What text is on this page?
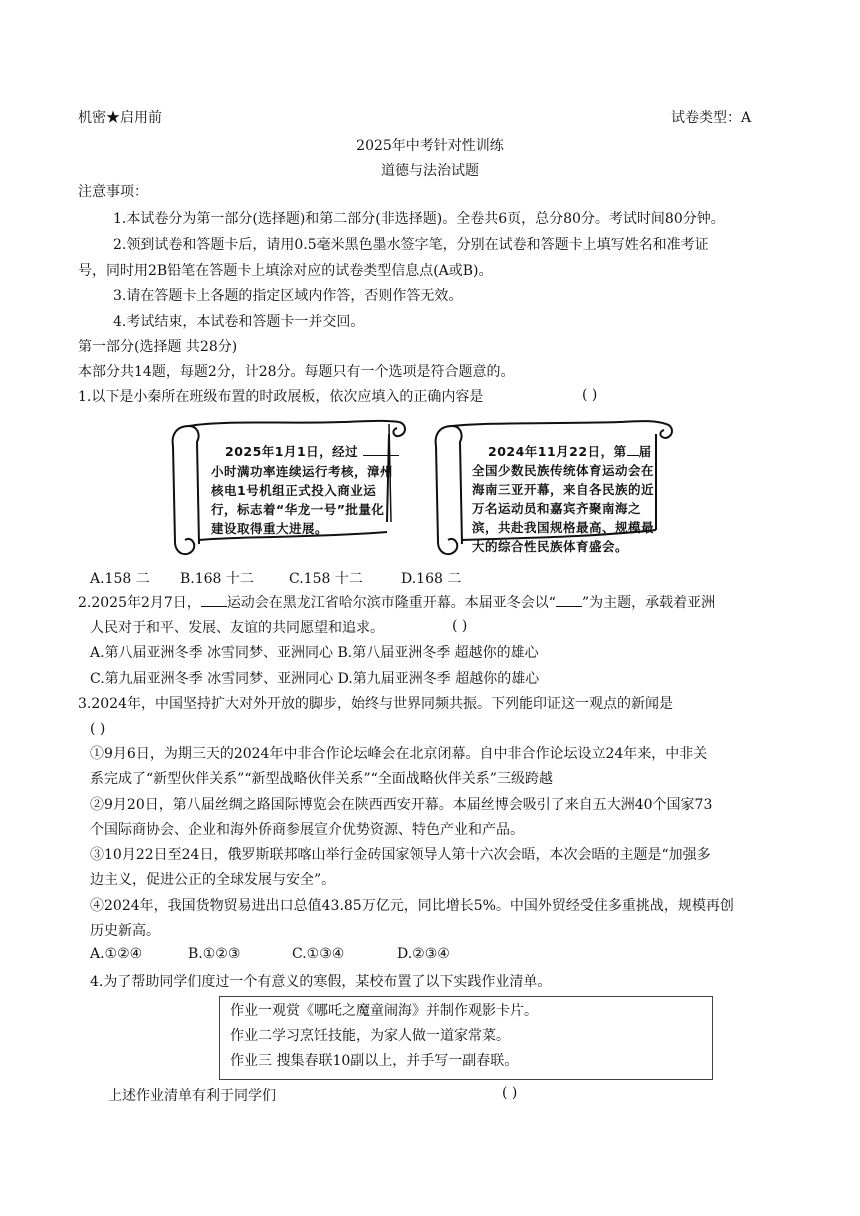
机密★启用前	试卷类型：A
2025年中考针对性训练
道德与法治试题
注意事项：
1.本试卷分为第一部分(选择题)和第二部分(非选择题)。全卷共6页，总分80分。考试时间80分钟。
2.领到试卷和答题卡后，请用0.5毫米黑色墨水签字笔，分别在试卷和答题卡上填写姓名和准考证
号，同时用2B铅笔在答题卡上填涂对应的试卷类型信息点(A或B)。
3.请在答题卡上各题的指定区域内作答，否则作答无效。
4.考试结束，本试卷和答题卡一并交回。
第一部分(选择题 共28分)
本部分共14题，每题2分，计28分。每题只有一个选项是符合题意的。
1.以下是小秦所在班级布置的时政展板，依次应填入的正确内容是	( )
2025年1月1日，经过
小时满功率连续运行考核，漳州
核电1号机组正式投入商业运
行，标志着“华龙一号”批量化
建设取得重大进展。
2024年11月22日，第 届
全国少数民族传统体育运动会在
海南三亚开幕，来自各民族的近
万名运动员和嘉宾齐聚南海之
滨，共赴我国规格最高、规模最
大的综合性民族体育盛会。
A.158 二 B.168 十二	C.158 十二	D.168 二
2.2025年2月7日， 运动会在黑龙江省哈尔滨市隆重开幕。本届亚冬会以“ ”为主题，承载着亚洲
人民对于和平、发展、友谊的共同愿望和追求。	( )
A.第八届亚洲冬季 冰雪同梦、亚洲同心 B.第八届亚洲冬季 超越你的雄心
C.第九届亚洲冬季 冰雪同梦、亚洲同心 D.第九届亚洲冬季 超越你的雄心
3.2024年，中国坚持扩大对外开放的脚步，始终与世界同频共振。下列能印证这一观点的新闻是
( )
①9月6日，为期三天的2024年中非合作论坛峰会在北京闭幕。自中非合作论坛设立24年来，中非关
系完成了“新型伙伴关系”“新型战略伙伴关系”“全面战略伙伴关系”三级跨越
②9月20日，第八届丝绸之路国际博览会在陕西西安开幕。本届丝博会吸引了来自五大洲40个国家73
个国际商协会、企业和海外侨商参展宣介优势资源、特色产业和产品。
③10月22日至24日，俄罗斯联邦喀山举行金砖国家领导人第十六次会晤，本次会晤的主题是“加强多
边主义，促进公正的全球发展与安全”。
④2024年，我国货物贸易进出口总值43.85万亿元，同比增长5%。中国外贸经受住多重挑战，规模再创
历史新高。
A.①②④	B.①②③	C.①③④	D.②③④
4.为了帮助同学们度过一个有意义的寒假，某校布置了以下实践作业清单。
作业一观赏《哪吒之魔童闹海》并制作观影卡片。
作业二学习烹饪技能，为家人做一道家常菜。
作业三 搜集春联10副以上，并手写一副春联。
上述作业清单有利于同学们	( )
